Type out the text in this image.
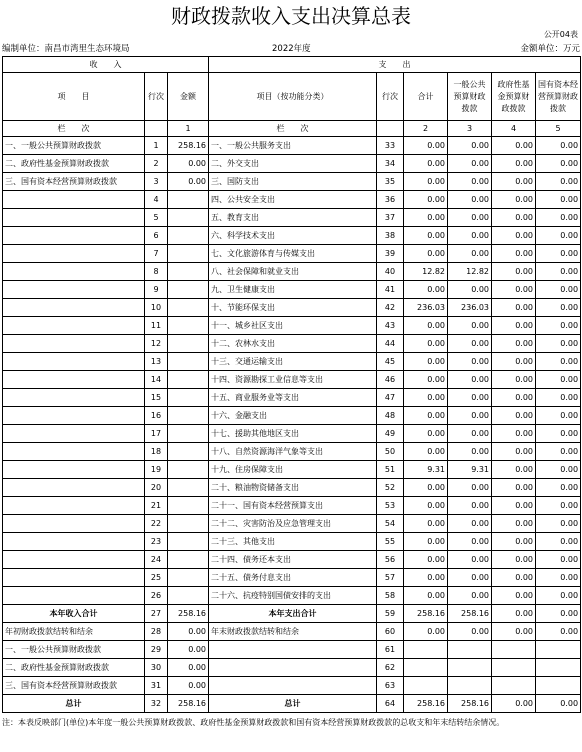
财政拨款收入支出决算总表
公开04表
编制单位：南昌市湾里生态环境局	2022年度	金额单位：万元
收　　入			支　　出					
项　　目	行次	金额	项目（按功能分类）	行次	合计	一般公共预算财政拨款	政府性基金预算财政拨款	国有资本经营预算财政拨款
栏　　次		1	栏　　次		2	3	4	5
一、一般公共预算财政拨款	1	258.16	一、一般公共服务支出	33	0.00	0.00	0.00	0.00
二、政府性基金预算财政拨款	2	0.00	二、外交支出	34	0.00	0.00	0.00	0.00
三、国有资本经营预算财政拨款	3	0.00	三、国防支出	35	0.00	0.00	0.00	0.00
	4		四、公共安全支出	36	0.00	0.00	0.00	0.00
	5		五、教育支出	37	0.00	0.00	0.00	0.00
	6		六、科学技术支出	38	0.00	0.00	0.00	0.00
	7		七、文化旅游体育与传媒支出	39	0.00	0.00	0.00	0.00
	8		八、社会保障和就业支出	40	12.82	12.82	0.00	0.00
	9		九、卫生健康支出	41	0.00	0.00	0.00	0.00
	10		十、节能环保支出	42	236.03	236.03	0.00	0.00
	11		十一、城乡社区支出	43	0.00	0.00	0.00	0.00
	12		十二、农林水支出	44	0.00	0.00	0.00	0.00
	13		十三、交通运输支出	45	0.00	0.00	0.00	0.00
	14		十四、资源勘探工业信息等支出	46	0.00	0.00	0.00	0.00
	15		十五、商业服务业等支出	47	0.00	0.00	0.00	0.00
	16		十六、金融支出	48	0.00	0.00	0.00	0.00
	17		十七、援助其他地区支出	49	0.00	0.00	0.00	0.00
	18		十八、自然资源海洋气象等支出	50	0.00	0.00	0.00	0.00
	19		十九、住房保障支出	51	9.31	9.31	0.00	0.00
	20		二十、粮油物资储备支出	52	0.00	0.00	0.00	0.00
	21		二十一、国有资本经营预算支出	53	0.00	0.00	0.00	0.00
	22		二十二、灾害防治及应急管理支出	54	0.00	0.00	0.00	0.00
	23		二十三、其他支出	55	0.00	0.00	0.00	0.00
	24		二十四、债务还本支出	56	0.00	0.00	0.00	0.00
	25		二十五、债务付息支出	57	0.00	0.00	0.00	0.00
	26		二十六、抗疫特别国债安排的支出	58	0.00	0.00	0.00	0.00
本年收入合计	27	258.16	本年支出合计	59	258.16	258.16	0.00	0.00
年初财政拨款结转和结余	28	0.00	年末财政拨款结转和结余	60	0.00	0.00	0.00	0.00
一、一般公共预算财政拨款	29	0.00		61				
二、政府性基金预算财政拨款	30	0.00		62				
三、国有资本经营预算财政拨款	31	0.00		63				
总计	32	258.16	总计	64	258.16	258.16	0.00	0.00
注：本表反映部门(单位)本年度一般公共预算财政拨款、政府性基金预算财政拨款和国有资本经营预算财政拨款的总收支和年末结转结余情况。
